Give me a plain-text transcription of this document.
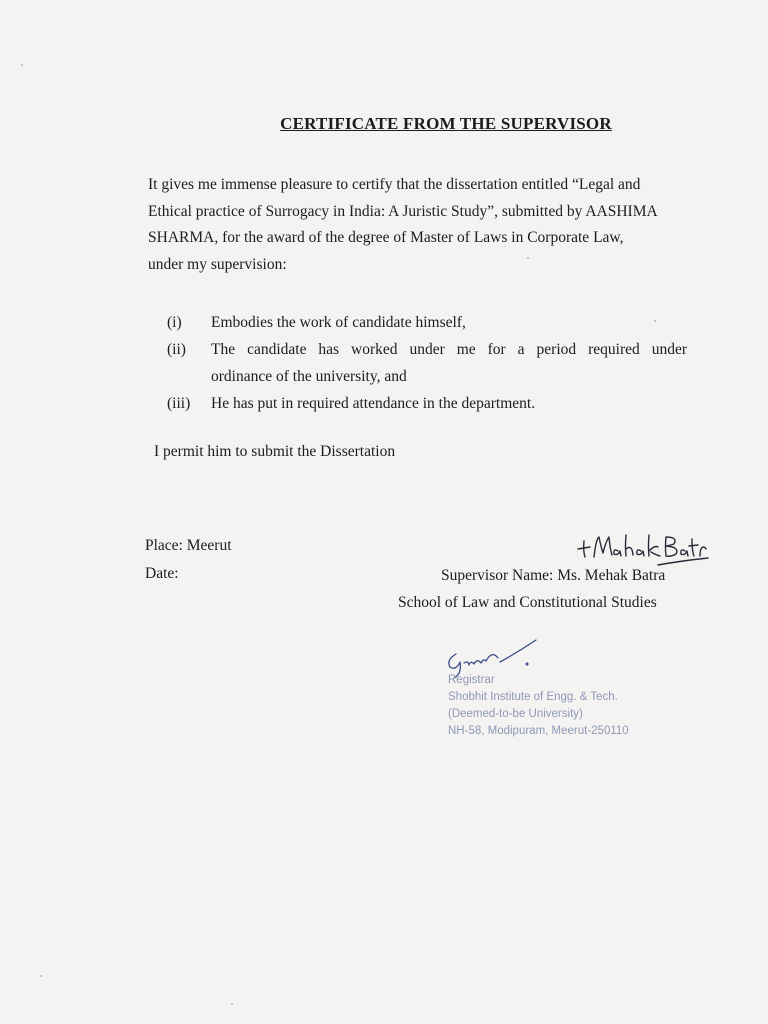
CERTIFICATE FROM THE SUPERVISOR

It gives me immense pleasure to certify that the dissertation entitled “Legal and
Ethical practice of Surrogacy in India: A Juristic Study”, submitted by AASHIMA
SHARMA, for the award of the degree of Master of Laws in Corporate Law,
under my supervision:

(i)	Embodies the work of candidate himself,
(ii)	The candidate has worked under me for a period required under
ordinance of the university, and
(iii)	He has put in required attendance in the department.
I permit him to submit the Dissertation
Place: Meerut
Date:	Supervisor Name: Ms. Mehak Batra
School of Law and Constitutional Studies
Registrar
Shobhit Institute of Engg. & Tech.
(Deemed-to-be University)
NH-58, Modipuram, Meerut-250110
